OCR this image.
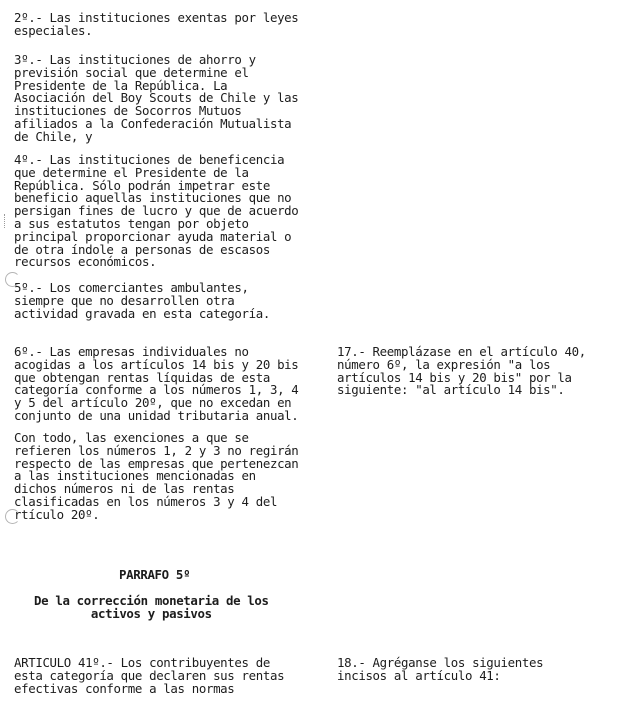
2º.- Las instituciones exentas por leyes
especiales.
3º.- Las instituciones de ahorro y
previsión social que determine el
Presidente de la República. La
Asociación del Boy Scouts de Chile y las
instituciones de Socorros Mutuos
afiliados a la Confederación Mutualista
de Chile, y
4º.- Las instituciones de beneficencia
que determine el Presidente de la
República. Sólo podrán impetrar este
beneficio aquellas instituciones que no
persigan fines de lucro y que de acuerdo
a sus estatutos tengan por objeto
principal proporcionar ayuda material o
de otra índole a personas de escasos
recursos económicos.
5º.- Los comerciantes ambulantes,
siempre que no desarrollen otra
actividad gravada en esta categoría.
6º.- Las empresas individuales no
acogidas a los artículos 14 bis y 20 bis
que obtengan rentas líquidas de esta
categoría conforme a los números 1, 3, 4
y 5 del artículo 20º, que no excedan en
conjunto de una unidad tributaria anual.
Con todo, las exenciones a que se
refieren los números 1, 2 y 3 no regirán
respecto de las empresas que pertenezcan
a las instituciones mencionadas en
dichos números ni de las rentas
clasificadas en los números 3 y 4 del
rtículo 20º.
PARRAFO 5º
De la corrección monetaria de los
activos y pasivos
ARTICULO 41º.- Los contribuyentes de
esta categoría que declaren sus rentas
efectivas conforme a las normas
17.- Reemplázase en el artículo 40,
número 6º, la expresión "a los
artículos 14 bis y 20 bis" por la
siguiente: "al artículo 14 bis".
18.- Agréganse los siguientes
incisos al artículo 41:
